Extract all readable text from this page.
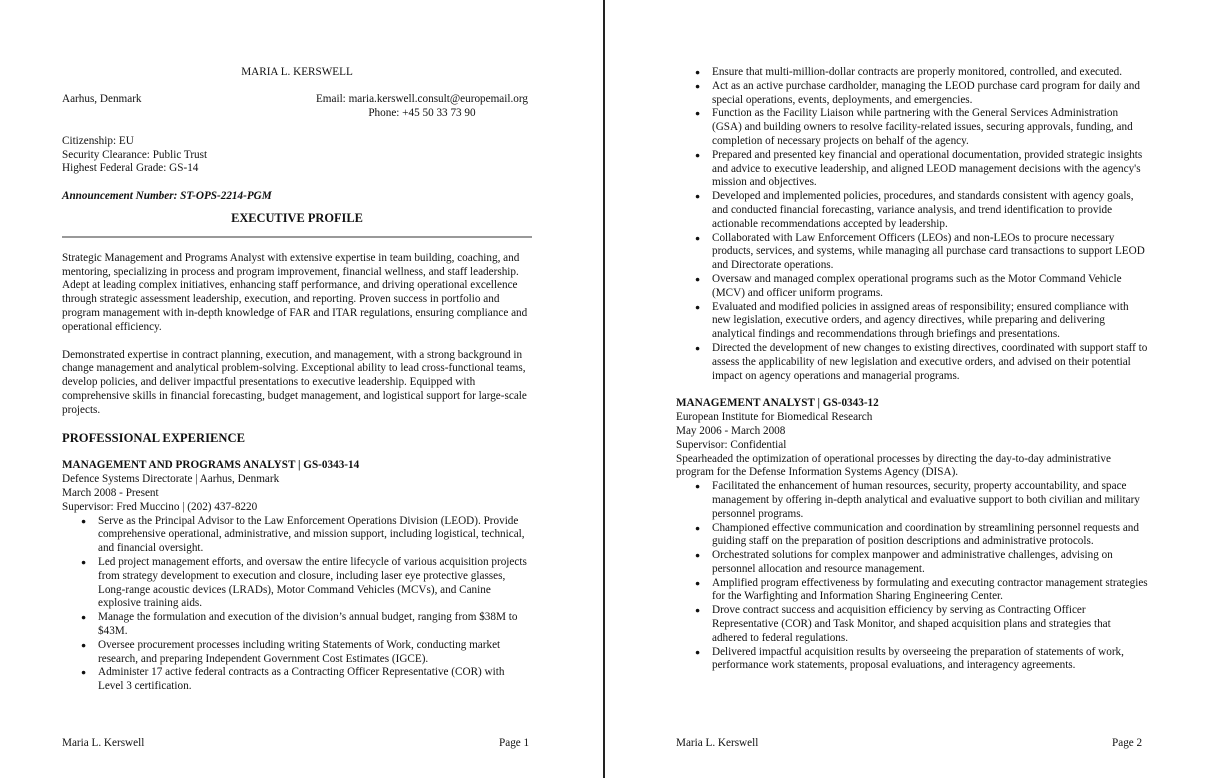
MARIA L. KERSWELL
Aarhus, Denmark	Email: maria.kerswell.consult@europemail.org
Phone: +45 50 33 73 90
Citizenship: EU
Security Clearance: Public Trust
Highest Federal Grade: GS-14
Announcement Number: ST-OPS-2214-PGM
EXECUTIVE PROFILE
Strategic Management and Programs Analyst with extensive expertise in team building, coaching, and mentoring, specializing in process and program improvement, financial wellness, and staff leadership. Adept at leading complex initiatives, enhancing staff performance, and driving operational excellence through strategic assessment leadership, execution, and reporting. Proven success in portfolio and program management with in-depth knowledge of FAR and ITAR regulations, ensuring compliance and operational efficiency.
Demonstrated expertise in contract planning, execution, and management, with a strong background in change management and analytical problem-solving. Exceptional ability to lead cross-functional teams, develop policies, and deliver impactful presentations to executive leadership. Equipped with comprehensive skills in financial forecasting, budget management, and logistical support for large-scale projects.
PROFESSIONAL EXPERIENCE
MANAGEMENT AND PROGRAMS ANALYST | GS-0343-14
Defence Systems Directorate | Aarhus, Denmark
March 2008 - Present
Supervisor: Fred Muccino | (202) 437-8220
● Serve as the Principal Advisor to the Law Enforcement Operations Division (LEOD). Provide comprehensive operational, administrative, and mission support, including logistical, technical, and financial oversight.
● Led project management efforts, and oversaw the entire lifecycle of various acquisition projects from strategy development to execution and closure, including laser eye protective glasses, Long-range acoustic devices (LRADs), Motor Command Vehicles (MCVs), and Canine explosive training aids.
● Manage the formulation and execution of the division’s annual budget, ranging from $38M to $43M.
● Oversee procurement processes including writing Statements of Work, conducting market research, and preparing Independent Government Cost Estimates (IGCE).
● Administer 17 active federal contracts as a Contracting Officer Representative (COR) with Level 3 certification.
Maria L. Kerswell	Page 1
● Ensure that multi-million-dollar contracts are properly monitored, controlled, and executed.
● Act as an active purchase cardholder, managing the LEOD purchase card program for daily and special operations, events, deployments, and emergencies.
● Function as the Facility Liaison while partnering with the General Services Administration (GSA) and building owners to resolve facility-related issues, securing approvals, funding, and completion of necessary projects on behalf of the agency.
● Prepared and presented key financial and operational documentation, provided strategic insights and advice to executive leadership, and aligned LEOD management decisions with the agency's mission and objectives.
● Developed and implemented policies, procedures, and standards consistent with agency goals, and conducted financial forecasting, variance analysis, and trend identification to provide actionable recommendations accepted by leadership.
● Collaborated with Law Enforcement Officers (LEOs) and non-LEOs to procure necessary products, services, and systems, while managing all purchase card transactions to support LEOD and Directorate operations.
● Oversaw and managed complex operational programs such as the Motor Command Vehicle (MCV) and officer uniform programs.
● Evaluated and modified policies in assigned areas of responsibility; ensured compliance with new legislation, executive orders, and agency directives, while preparing and delivering analytical findings and recommendations through briefings and presentations.
● Directed the development of new changes to existing directives, coordinated with support staff to assess the applicability of new legislation and executive orders, and advised on their potential impact on agency operations and managerial programs.
MANAGEMENT ANALYST | GS-0343-12
European Institute for Biomedical Research
May 2006 - March 2008
Supervisor: Confidential
Spearheaded the optimization of operational processes by directing the day-to-day administrative program for the Defense Information Systems Agency (DISA).
● Facilitated the enhancement of human resources, security, property accountability, and space management by offering in-depth analytical and evaluative support to both civilian and military personnel programs.
● Championed effective communication and coordination by streamlining personnel requests and guiding staff on the preparation of position descriptions and administrative protocols.
● Orchestrated solutions for complex manpower and administrative challenges, advising on personnel allocation and resource management.
● Amplified program effectiveness by formulating and executing contractor management strategies for the Warfighting and Information Sharing Engineering Center.
● Drove contract success and acquisition efficiency by serving as Contracting Officer Representative (COR) and Task Monitor, and shaped acquisition plans and strategies that adhered to federal regulations.
● Delivered impactful acquisition results by overseeing the preparation of statements of work, performance work statements, proposal evaluations, and interagency agreements.
Maria L. Kerswell	Page 2
